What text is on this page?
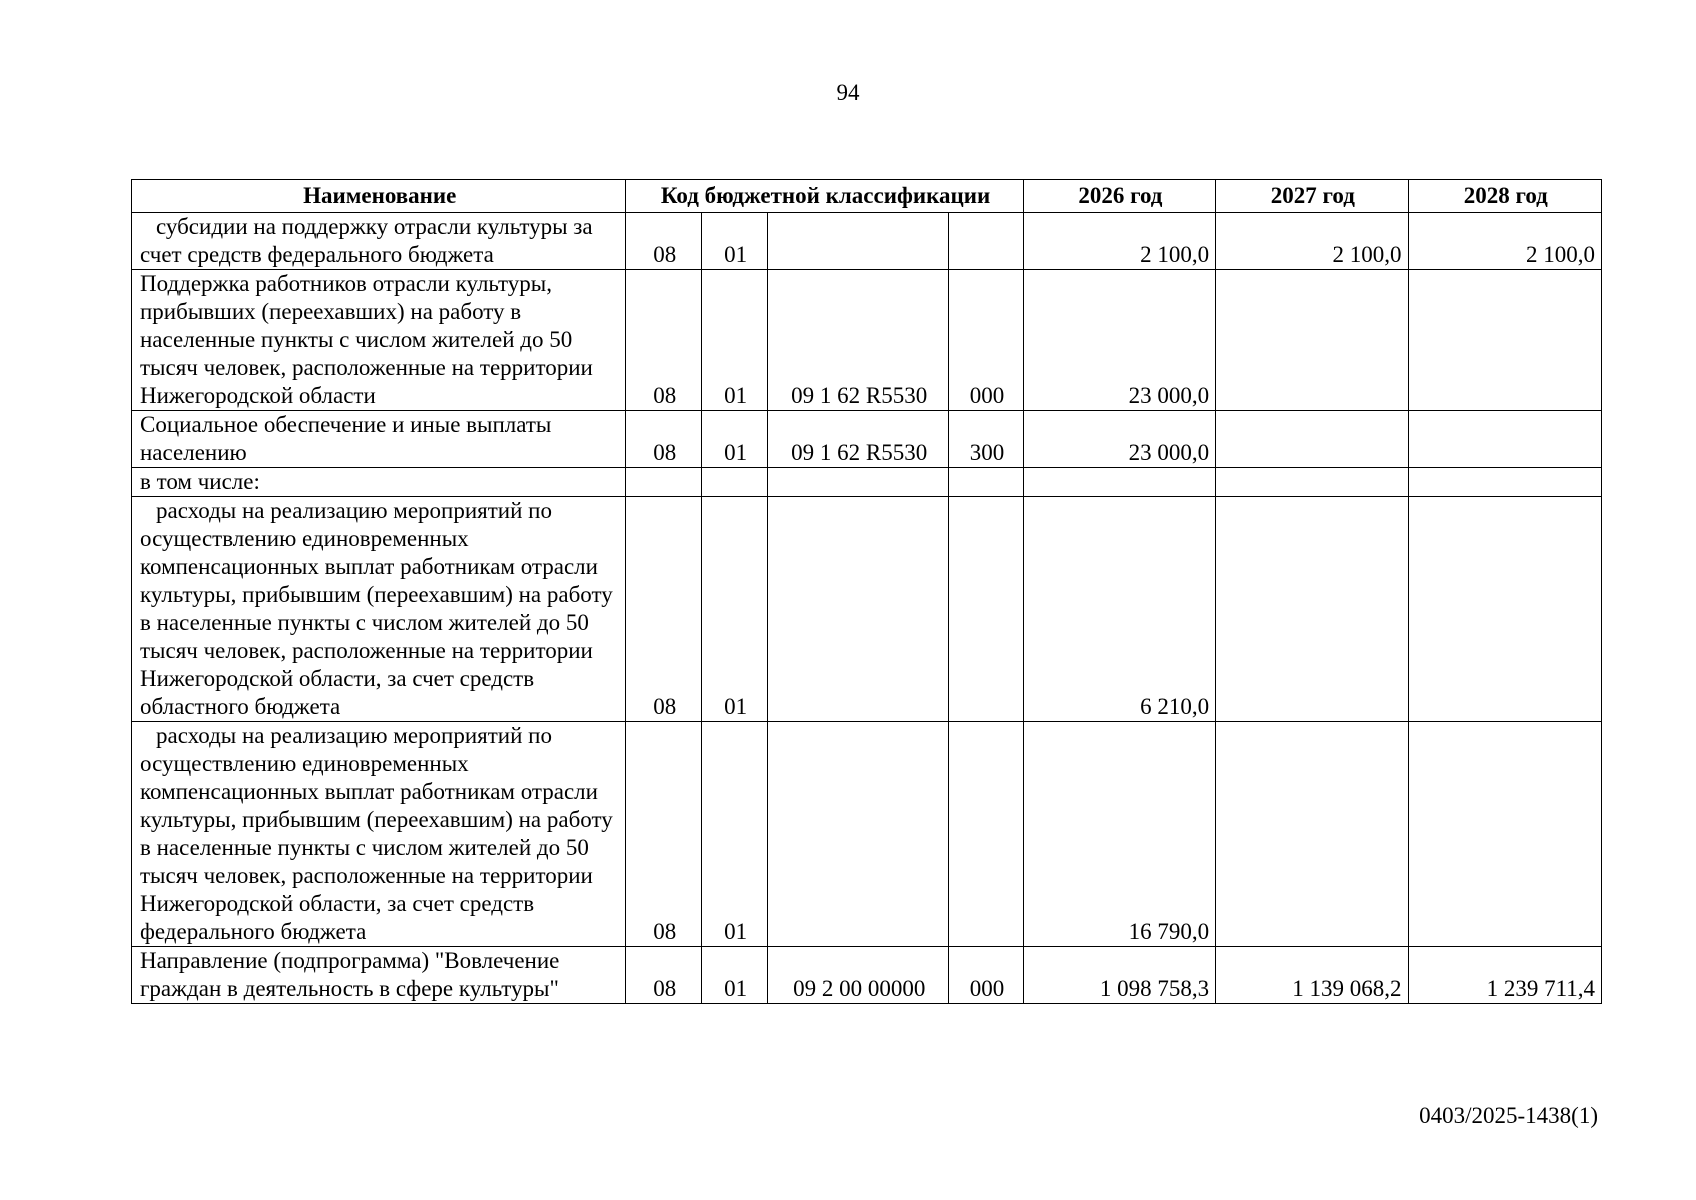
94
Наименование	Код бюджетной классификации				2026 год	2027 год	2028 год
субсидии на поддержку отрасли культуры за счет средств федерального бюджета	08	01			2 100,0	2 100,0	2 100,0
Поддержка работников отрасли культуры, прибывших (переехавших) на работу в населенные пункты с числом жителей до 50 тысяч человек, расположенные на территории Нижегородской области	08	01	09 1 62 R5530	000	23 000,0		
Социальное обеспечение и иные выплаты населению	08	01	09 1 62 R5530	300	23 000,0		
в том числе:							
расходы на реализацию мероприятий по осуществлению единовременных компенсационных выплат работникам отрасли культуры, прибывшим (переехавшим) на работу в населенные пункты с числом жителей до 50 тысяч человек, расположенные на территории Нижегородской области, за счет средств областного бюджета	08	01			6 210,0		
расходы на реализацию мероприятий по осуществлению единовременных компенсационных выплат работникам отрасли культуры, прибывшим (переехавшим) на работу в населенные пункты с числом жителей до 50 тысяч человек, расположенные на территории Нижегородской области, за счет средств федерального бюджета	08	01			16 790,0		
Направление (подпрограмма) "Вовлечение граждан в деятельность в сфере культуры"	08	01	09 2 00 00000	000	1 098 758,3	1 139 068,2	1 239 711,4
0403/2025-1438(1)
